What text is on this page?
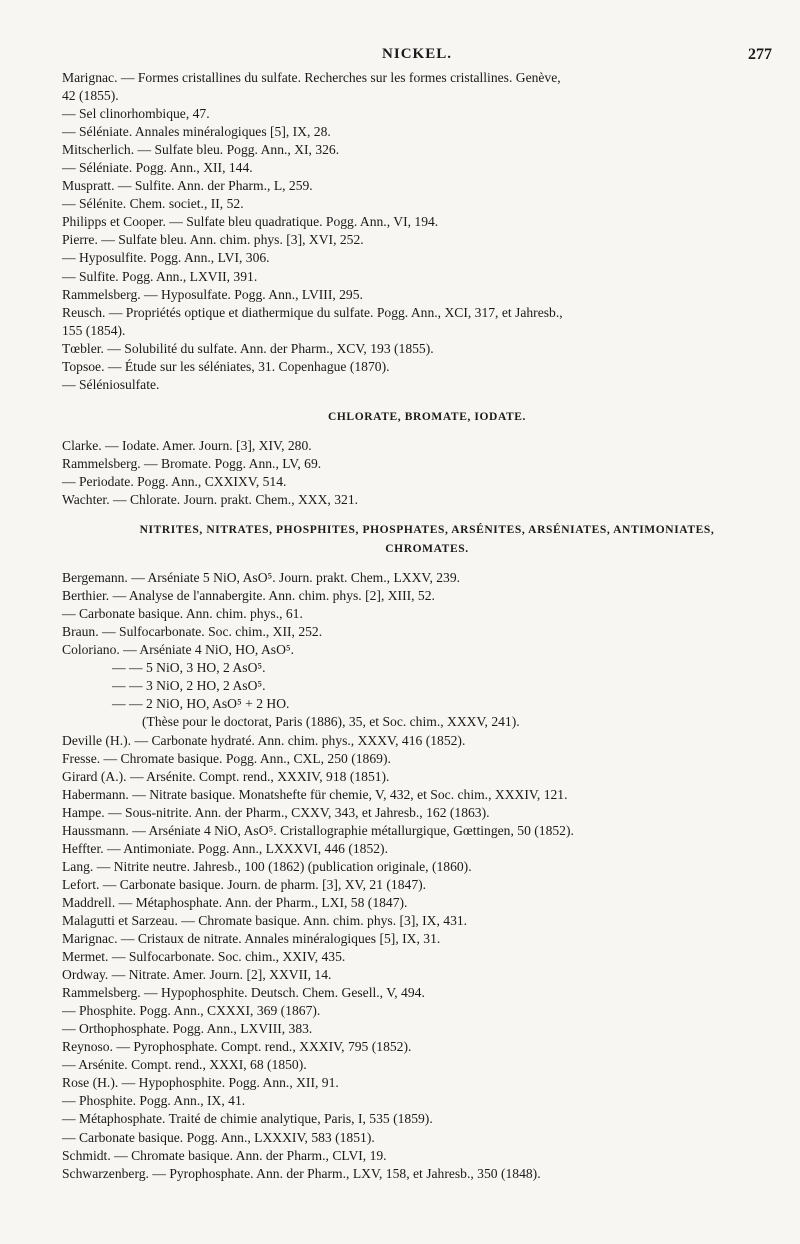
NICKEL.	277

Marignac. — Formes cristallines du sulfate. Recherches sur les formes cristallines. Genève,

42 (1855).

— Sel clinorhombique, 47.

— Séléniate. Annales minéralogiques [5], IX, 28.

Mitscherlich. — Sulfate bleu. Pogg. Ann., XI, 326.

— Séléniate. Pogg. Ann., XII, 144.

Muspratt. — Sulfite. Ann. der Pharm., L, 259.

— Sélénite. Chem. societ., II, 52.

Philipps et Cooper. — Sulfate bleu quadratique. Pogg. Ann., VI, 194.

Pierre. — Sulfate bleu. Ann. chim. phys. [3], XVI, 252.

— Hyposulfite. Pogg. Ann., LVI, 306.

— Sulfite. Pogg. Ann., LXVII, 391.

Rammelsberg. — Hyposulfate. Pogg. Ann., LVIII, 295.

Reusch. — Propriétés optique et diathermique du sulfate. Pogg. Ann., XCI, 317, et Jahresb.,

155 (1854).

Tœbler. — Solubilité du sulfate. Ann. der Pharm., XCV, 193 (1855).

Topsoe. — Étude sur les séléniates, 31. Copenhague (1870).

— Séléniosulfate.

CHLORATE, BROMATE, IODATE.

Clarke. — Iodate. Amer. Journ. [3], XIV, 280.

Rammelsberg. — Bromate. Pogg. Ann., LV, 69.

— Periodate. Pogg. Ann., CXXIXV, 514.

Wachter. — Chlorate. Journ. prakt. Chem., XXX, 321.

NITRITES, NITRATES, PHOSPHITES, PHOSPHATES, ARSÉNITES, ARSÉNIATES, ANTIMONIATES,

CHROMATES.

Bergemann. — Arséniate 5 NiO, AsO⁵. Journ. prakt. Chem., LXXV, 239.

Berthier. — Analyse de l'annabergite. Ann. chim. phys. [2], XIII, 52.

— Carbonate basique. Ann. chim. phys., 61.

Braun. — Sulfocarbonate. Soc. chim., XII, 252.

Coloriano. — Arséniate 4 NiO, HO, AsO⁵.

— — 5 NiO, 3 HO, 2 AsO⁵.

— — 3 NiO, 2 HO, 2 AsO⁵.

— — 2 NiO, HO, AsO⁵ + 2 HO.

(Thèse pour le doctorat, Paris (1886), 35, et Soc. chim., XXXV, 241).

Deville (H.). — Carbonate hydraté. Ann. chim. phys., XXXV, 416 (1852).

Fresse. — Chromate basique. Pogg. Ann., CXL, 250 (1869).

Girard (A.). — Arsénite. Compt. rend., XXXIV, 918 (1851).

Habermann. — Nitrate basique. Monatshefte für chemie, V, 432, et Soc. chim., XXXIV, 121.

Hampe. — Sous-nitrite. Ann. der Pharm., CXXV, 343, et Jahresb., 162 (1863).

Haussmann. — Arséniate 4 NiO, AsO⁵. Cristallographie métallurgique, Gœttingen, 50 (1852).

Heffter. — Antimoniate. Pogg. Ann., LXXXVI, 446 (1852).

Lang. — Nitrite neutre. Jahresb., 100 (1862) (publication originale, (1860).

Lefort. — Carbonate basique. Journ. de pharm. [3], XV, 21 (1847).

Maddrell. — Métaphosphate. Ann. der Pharm., LXI, 58 (1847).

Malagutti et Sarzeau. — Chromate basique. Ann. chim. phys. [3], IX, 431.

Marignac. — Cristaux de nitrate. Annales minéralogiques [5], IX, 31.

Mermet. — Sulfocarbonate. Soc. chim., XXIV, 435.

Ordway. — Nitrate. Amer. Journ. [2], XXVII, 14.

Rammelsberg. — Hypophosphite. Deutsch. Chem. Gesell., V, 494.

— Phosphite. Pogg. Ann., CXXXI, 369 (1867).

— Orthophosphate. Pogg. Ann., LXVIII, 383.

Reynoso. — Pyrophosphate. Compt. rend., XXXIV, 795 (1852).

— Arsénite. Compt. rend., XXXI, 68 (1850).

Rose (H.). — Hypophosphite. Pogg. Ann., XII, 91.

— Phosphite. Pogg. Ann., IX, 41.

— Métaphosphate. Traité de chimie analytique, Paris, I, 535 (1859).

— Carbonate basique. Pogg. Ann., LXXXIV, 583 (1851).

Schmidt. — Chromate basique. Ann. der Pharm., CLVI, 19.

Schwarzenberg. — Pyrophosphate. Ann. der Pharm., LXV, 158, et Jahresb., 350 (1848).
